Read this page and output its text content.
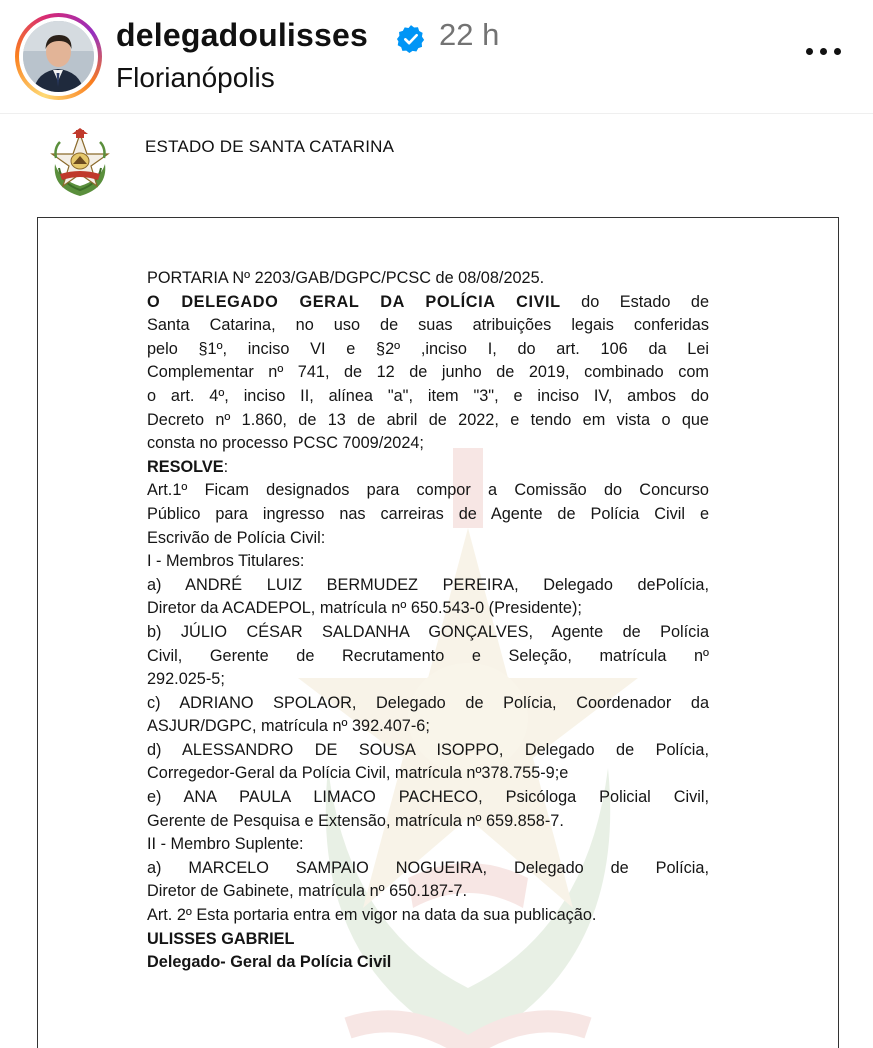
delegadoulisses 22 h
Florianópolis
ESTADO DE SANTA CATARINA

PORTARIA Nº 2203/GAB/DGPC/PCSC de 08/08/2025.

O DELEGADO GERAL DA POLÍCIA CIVIL do Estado de

Santa Catarina, no uso de suas atribuições legais conferidas

pelo §1º, inciso VI e §2º ,inciso I, do art. 106 da Lei

Complementar nº 741, de 12 de junho de 2019, combinado com

o art. 4º, inciso II, alínea "a", item "3", e inciso IV, ambos do

Decreto nº 1.860, de 13 de abril de 2022, e tendo em vista o que

consta no processo PCSC 7009/2024;

RESOLVE:

Art.1º Ficam designados para compor a Comissão do Concurso

Público para ingresso nas carreiras de Agente de Polícia Civil e

Escrivão de Polícia Civil:

I - Membros Titulares:

a) ANDRÉ LUIZ BERMUDEZ PEREIRA, Delegado dePolícia,

Diretor da ACADEPOL, matrícula nº 650.543-0 (Presidente);

b) JÚLIO CÉSAR SALDANHA GONÇALVES, Agente de Polícia

Civil, Gerente de Recrutamento e Seleção, matrícula nº

292.025-5;

c) ADRIANO SPOLAOR, Delegado de Polícia, Coordenador da

ASJUR/DGPC, matrícula nº 392.407-6;

d) ALESSANDRO DE SOUSA ISOPPO, Delegado de Polícia,

Corregedor-Geral da Polícia Civil, matrícula nº378.755-9;e

e) ANA PAULA LIMACO PACHECO, Psicóloga Policial Civil,

Gerente de Pesquisa e Extensão, matrícula nº 659.858-7.

II - Membro Suplente:

a) MARCELO SAMPAIO NOGUEIRA, Delegado de Polícia,

Diretor de Gabinete, matrícula nº 650.187-7.

Art. 2º Esta portaria entra em vigor na data da sua publicação.

ULISSES GABRIEL

Delegado- Geral da Polícia Civil
